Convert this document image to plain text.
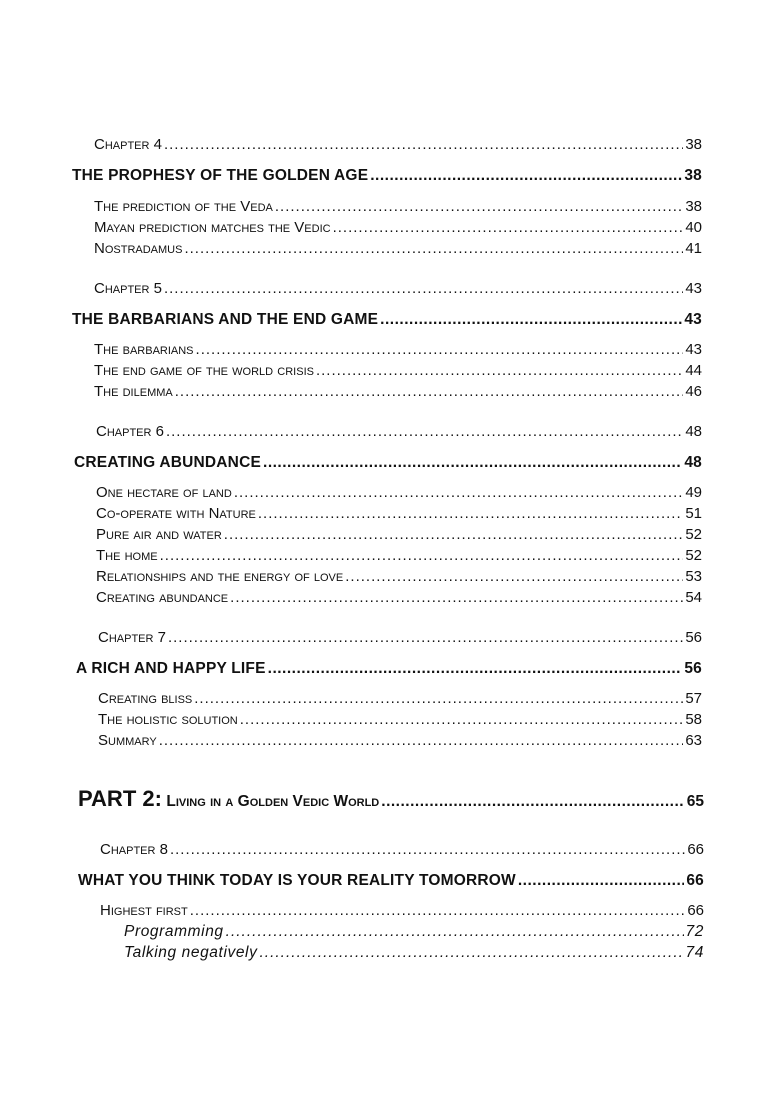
Chapter 4 .....	38
THE PROPHESY OF THE GOLDEN AGE .....	38
The prediction of the Veda .....	38
Mayan prediction matches the Vedic .....	40
Nostradamus .....	41
Chapter 5 .....	43
THE BARBARIANS AND THE END GAME .....	43
The barbarians .....	43
The end game of the world crisis .....	44
The dilemma .....	46
Chapter 6 .....	48
CREATING ABUNDANCE .....	48
One hectare of land .....	49
Co-operate with Nature .....	51
Pure air and water .....	52
The home .....	52
Relationships and the energy of love .....	53
Creating abundance .....	54
Chapter 7 .....	56
A RICH AND HAPPY LIFE .....	56
Creating bliss .....	57
The holistic solution .....	58
Summary .....	63
PART 2: Living in a Golden Vedic World .....	65
Chapter 8 .....	66
WHAT YOU THINK TODAY IS YOUR REALITY TOMORROW .....	66
Highest first .....	66
Programming .....	72
Talking negatively .....	74
